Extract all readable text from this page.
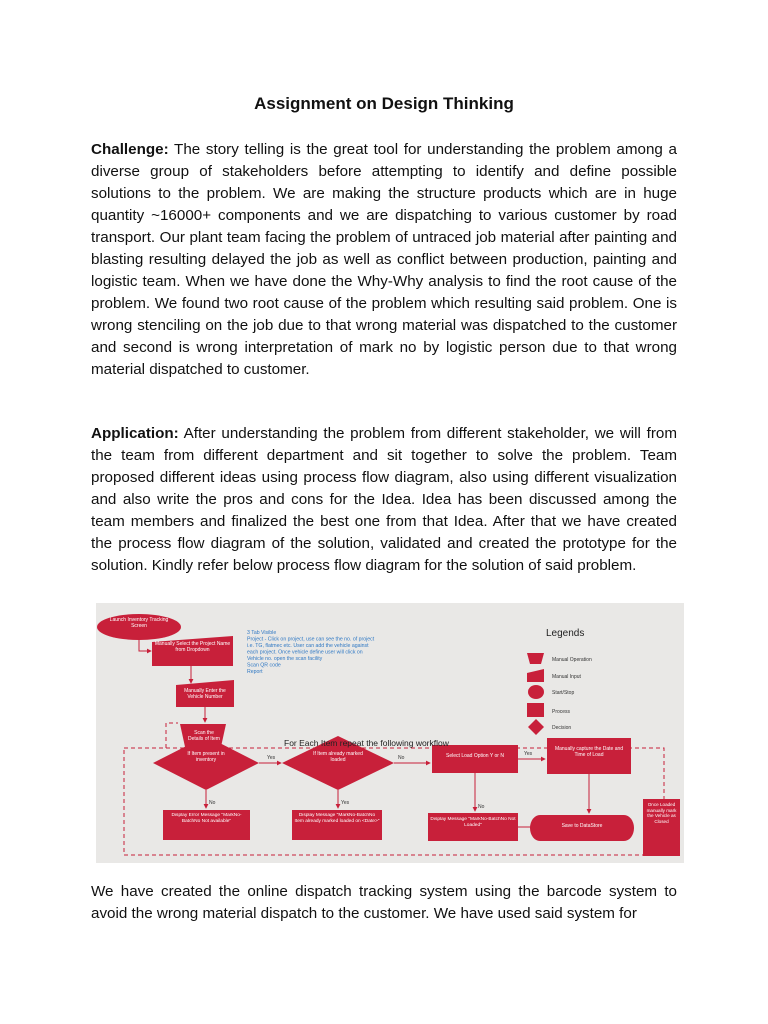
Assignment on Design Thinking

Challenge: The story telling is the great tool for understanding the problem among a diverse group of stakeholders before attempting to identify and define possible solutions to the problem. We are making the structure products which are in huge quantity ~16000+ components and we are dispatching to various customer by road transport. Our plant team facing the problem of untraced job material after painting and blasting resulting delayed the job as well as conflict between production, painting and logistic team. When we have done the Why-Why analysis to find the root cause of the problem. We found two root cause of the problem which resulting said problem. One is wrong stenciling on the job due to that wrong material was dispatched to the customer and second is wrong interpretation of mark no by logistic person due to that wrong material dispatched to customer.

Application: After understanding the problem from different stakeholder, we will from the team from different department and sit together to solve the problem. Team proposed different ideas using process flow diagram, also using different visualization and also write the pros and cons for the Idea. Idea has been discussed among the team members and finalized the best one from that Idea. After that we have created the process flow diagram of the solution, validated and created the prototype for the solution. Kindly refer below process flow diagram for the solution of said problem.

Launch Inventory Tracking Screen
Manually Select the Project Name from Dropdown
Manually Enter the Vehicle Number
Scan the Details of Item
If Item present in inventory
If Item already marked loaded
Select Load Option Y or N
Manually capture the Date and Time of Load
Display Error Message "MarkNo-BatchNo Not available"
Display Message "MarkNo-BatchNo Item already marked loaded on <Date>"	Display Message "MarkNo-BatchNo Not Loaded"	Save to DataStore
Once Loaded manually mark the Vehicle as Closed
3 Tab Visible
Project - Click on project, use can see the no. of project
i.e. TG, flatmec etc. User can add the vehicle against
each project. Once vehicle define user will click on
Vehicle no. open the scan facility
Scan QR code
Report
Legends
Manual Operation
Manual Input
Start/Stop
Process
Decision
For Each Item repeat the following workflow
Yes	No
Yes
No	Yes
No

We have created the online dispatch tracking system using the barcode system to avoid the wrong material dispatch to the customer. We have used said system for
